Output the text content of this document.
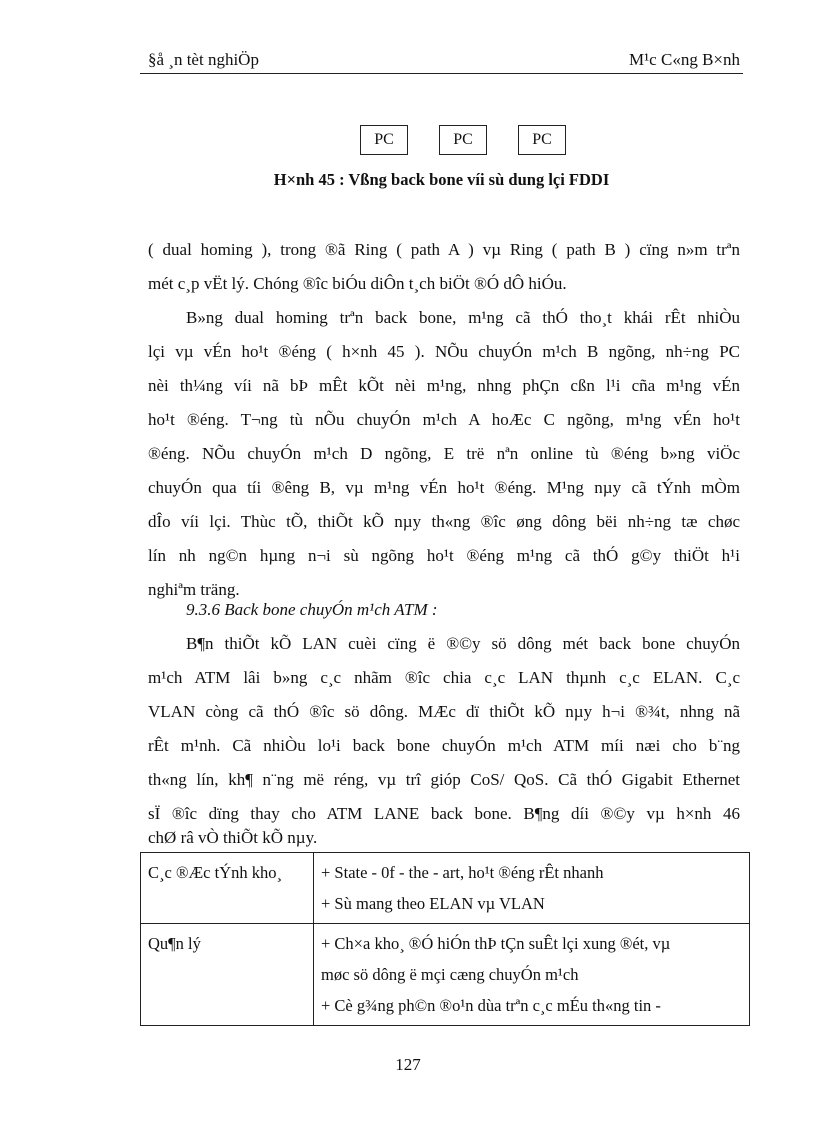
§å ¸n tèt nghiÖp	M¹c C«ng B×nh
PC	PC	PC
H×nh 45 : Vßng back bone víi sù dung lçi FDDI
( dual homing ), trong ®ã Ring ( path A ) vµ Ring ( path B ) cïng n»m trªn
mét c¸p vËt lý. Chóng ®îc biÓu diÔn t¸ch biÖt ®Ó dÔ hiÓu.
B»ng dual homing trªn back bone, m¹ng cã thÓ tho¸t khái rÊt nhiÒu
lçi vµ vÉn ho¹t ®éng ( h×nh 45 ). NÕu chuyÓn m¹ch B ngõng, nh÷ng PC
nèi th¼ng víi nã bÞ mÊt kÕt nèi m¹ng, nhng phÇn cßn l¹i cña m¹ng vÉn
ho¹t ®éng. T¬ng tù nÕu chuyÓn m¹ch A hoÆc C ngõng, m¹ng vÉn ho¹t
®éng. NÕu chuyÓn m¹ch D ngõng, E trë nªn online tù ®éng b»ng viÖc
chuyÓn qua tíi ®êng B, vµ m¹ng vÉn ho¹t ®éng. M¹ng nµy cã tÝnh mÒm
dÎo víi lçi. Thùc tÕ, thiÕt kÕ nµy th«ng ®îc øng dông bëi nh÷ng tæ chøc
lín nh ng©n hµng n¬i sù ngõng ho¹t ®éng m¹ng cã thÓ g©y thiÖt h¹i
nghiªm träng.
9.3.6 Back bone chuyÓn m¹ch ATM :
B¶n thiÕt kÕ LAN cuèi cïng ë ®©y sö dông mét back bone chuyÓn
m¹ch ATM lâi b»ng c¸c nhãm ®îc chia c¸c LAN thµnh c¸c ELAN. C¸c
VLAN còng cã thÓ ®îc sö dông. MÆc dï thiÕt kÕ nµy h¬i ®¾t, nhng nã
rÊt m¹nh. Cã nhiÒu lo¹i back bone chuyÓn m¹ch ATM míi næi cho b¨ng
th«ng lín, kh¶ n¨ng më réng, vµ trî gióp CoS/ QoS. Cã thÓ Gigabit Ethernet
sÏ ®îc dïng thay cho ATM LANE back bone. B¶ng díi ®©y vµ h×nh 46
chØ râ vÒ thiÕt kÕ nµy.
C¸c ®Æc tÝnh kho¸	+ State - 0f - the - art, ho¹t ®éng rÊt nhanh
+ Sù mang theo ELAN vµ VLAN

Qu¶n lý	+ Ch×a kho¸ ®Ó hiÓn thÞ tÇn suÊt lçi xung ®ét, vµ
møc sö dông ë mçi cæng chuyÓn m¹ch
+ Cè g¾ng ph©n ®o¹n dùa trªn c¸c mÉu th«ng tin -
127
